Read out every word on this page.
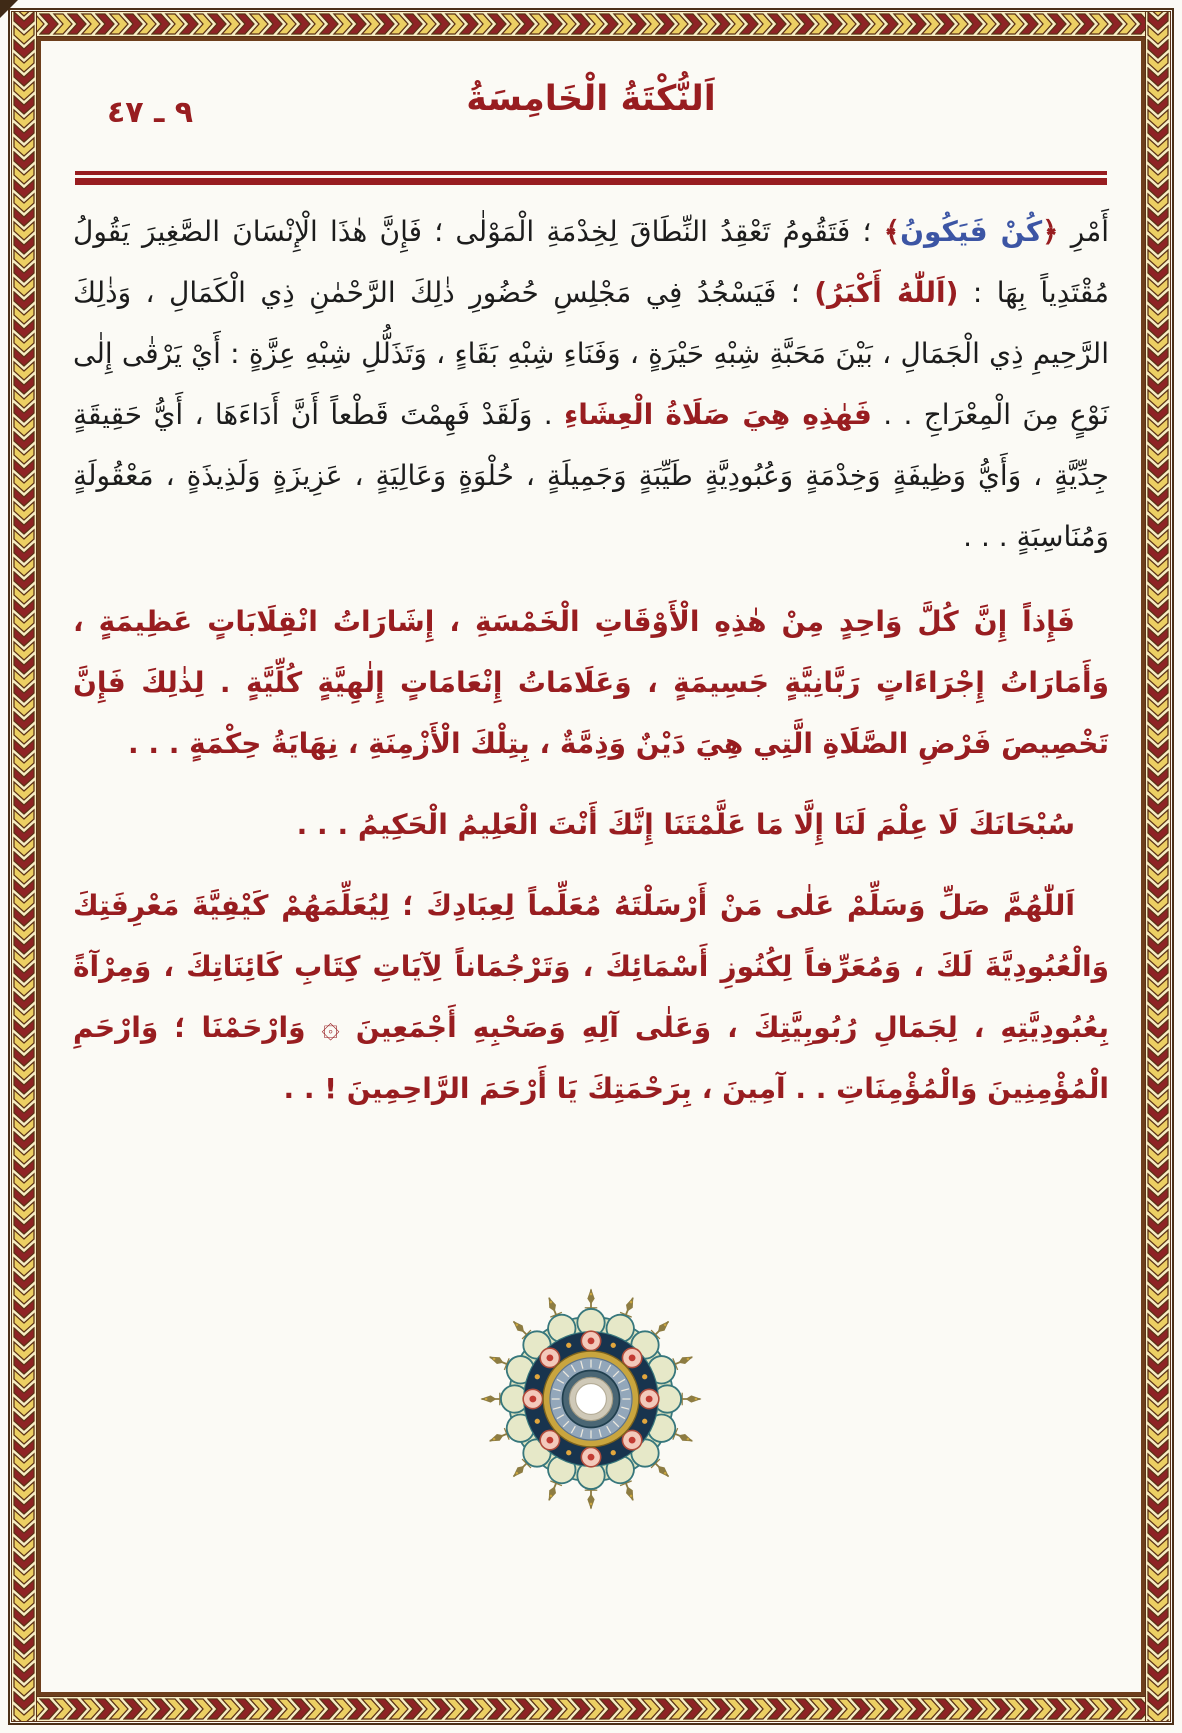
٩ ـ ٤٧	اَلنُّكْتَةُ الْخَامِسَةُ

أَمْرِ ﴿كُنْ فَيَكُونُ﴾ ؛ فَتَقُومُ تَعْقِدُ النِّطَاقَ لِخِدْمَةِ الْمَوْلٰى ؛ فَإِنَّ هٰذَا الْإِنْسَانَ الصَّغِيرَ يَقُولُ مُقْتَدِياً بِهَا : (اَللّٰهُ أَكْبَرُ) ؛ فَيَسْجُدُ فِي مَجْلِسِ حُضُورِ ذٰلِكَ الرَّحْمٰنِ ذِي الْكَمَالِ ، وَذٰلِكَ الرَّحِيمِ ذِي الْجَمَالِ ، بَيْنَ مَحَبَّةِ شِبْهِ حَيْرَةٍ ، وَفَنَاءِ شِبْهِ بَقَاءٍ ، وَتَذَلُّلِ شِبْهِ عِزَّةٍ : أَيْ يَرْقٰى إِلٰى نَوْعٍ مِنَ الْمِعْرَاجِ . . فَهٰذِهِ هِيَ صَلَاةُ الْعِشَاءِ . وَلَقَدْ فَهِمْتَ قَطْعاً أَنَّ أَدَاءَهَا ، أَيُّ حَقِيقَةٍ جِدِّيَّةٍ ، وَأَيُّ وَظِيفَةٍ وَخِدْمَةٍ وَعُبُودِيَّةٍ طَيِّبَةٍ وَجَمِيلَةٍ ، حُلْوَةٍ وَعَالِيَةٍ ، عَزِيزَةٍ وَلَذِيذَةٍ ، مَعْقُولَةٍ وَمُنَاسِبَةٍ . . .

فَإِذاً إِنَّ كُلَّ وَاحِدٍ مِنْ هٰذِهِ الْأَوْقَاتِ الْخَمْسَةِ ، إِشَارَاتُ انْقِلَابَاتٍ عَظِيمَةٍ ، وَأَمَارَاتُ إِجْرَاءَاتٍ رَبَّانِيَّةٍ جَسِيمَةٍ ، وَعَلَامَاتُ إِنْعَامَاتٍ إِلٰهِيَّةٍ كُلِّيَّةٍ . لِذٰلِكَ فَإِنَّ تَخْصِيصَ فَرْضِ الصَّلَاةِ الَّتِي هِيَ دَيْنٌ وَذِمَّةٌ ، بِتِلْكَ الْأَزْمِنَةِ ، نِهَايَةُ حِكْمَةٍ . . .

سُبْحَانَكَ لَا عِلْمَ لَنَا إِلَّا مَا عَلَّمْتَنَا إِنَّكَ أَنْتَ الْعَلِيمُ الْحَكِيمُ . . .

اَللّٰهُمَّ صَلِّ وَسَلِّمْ عَلٰى مَنْ أَرْسَلْتَهُ مُعَلِّماً لِعِبَادِكَ ؛ لِيُعَلِّمَهُمْ كَيْفِيَّةَ مَعْرِفَتِكَ وَالْعُبُودِيَّةَ لَكَ ، وَمُعَرِّفاً لِكُنُوزِ أَسْمَائِكَ ، وَتَرْجُمَاناً لِآيَاتِ كِتَابِ كَائِنَاتِكَ ، وَمِرْآةً بِعُبُودِيَّتِهِ ، لِجَمَالِ رُبُوبِيَّتِكَ ، وَعَلٰى آلِهِ وَصَحْبِهِ أَجْمَعِينَ ۞ وَارْحَمْنَا ؛ وَارْحَمِ الْمُؤْمِنِينَ وَالْمُؤْمِنَاتِ . . آمِينَ ، بِرَحْمَتِكَ يَا أَرْحَمَ الرَّاحِمِينَ ! . .
